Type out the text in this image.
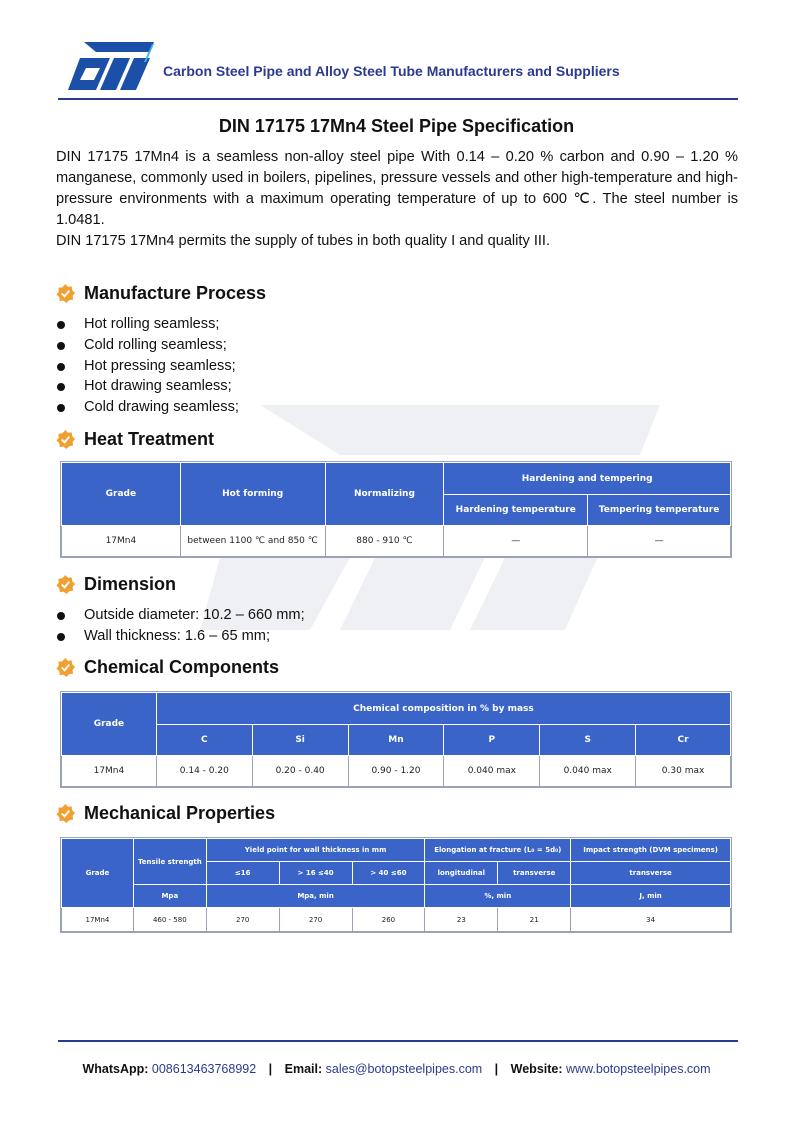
Carbon Steel Pipe and Alloy Steel Tube Manufacturers and Suppliers
DIN 17175 17Mn4 Steel Pipe Specification

DIN 17175 17Mn4 is a seamless non-alloy steel pipe With 0.14 – 0.20 % carbon and 0.90 – 1.20 % manganese, commonly used in boilers, pipelines, pressure vessels and other high-temperature and high-pressure environments with a maximum operating temperature of up to 600 ℃. The steel number is 1.0481.

DIN 17175 17Mn4 permits the supply of tubes in both quality I and quality III.

Manufacture Process
Hot rolling seamless;
Cold rolling seamless;
Hot pressing seamless;
Hot drawing seamless;
Cold drawing seamless;
Heat Treatment
Grade	Hot forming	Normalizing	Hardening and tempering	
			Hardening temperature	Tempering temperature
17Mn4	between 1100 ℃ and 850 ℃	880 - 910 ℃	—	—
Dimension
Outside diameter: 10.2 – 660 mm;
Wall thickness: 1.6 – 65 mm;
Chemical Components
Grade	Chemical composition in % by mass					
	C	Si	Mn	P	S	Cr
17Mn4	0.14 - 0.20	0.20 - 0.40	0.90 - 1.20	0.040 max	0.040 max	0.30 max
Mechanical Properties
Grade	Tensile strength	Yield point for wall thickness in mm			Elongation at fracture (L₀ = 5d₀)		Impact strength (DVM specimens)
		≤16	> 16 ≤40	> 40 ≤60	longitudinal	transverse	transverse
	Mpa	Mpa, min			%, min		J, min
17Mn4	460 - 580	270	270	260	23	21	34
WhatsApp: 008613463768992 | Email: sales@botopsteelpipes.com | Website: www.botopsteelpipes.com
